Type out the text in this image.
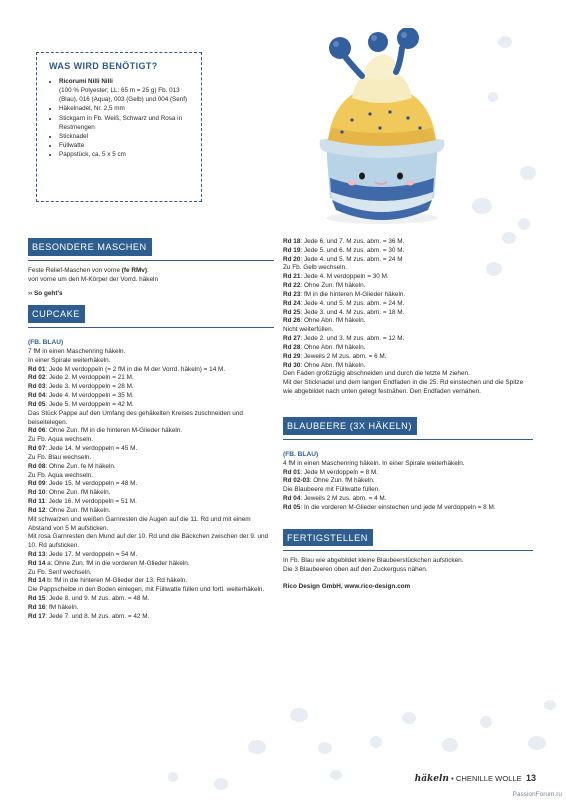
WAS WIRD BENÖTIGT?
• Ricorumi Nilli Nilli
(100 % Polyester; LL: 65 m = 25 g) Fb. 013 (Blau), 016 (Aqua), 003 (Gelb) und 004 (Senf)
• Häkelnadel, Nr. 2,5 mm
• Stickgarn in Fb. Weiß, Schwarz und Rosa in Restmengen
• Sticknadel
• Füllwatte
• Pappstück, ca. 5 x 5 cm
BESONDERE MASCHEN

Feste Relief-Maschen von vorne (fe RMv):

von vorne um den M-Körper der Vorrd. häkeln

›› So geht's

CUPCAKE
(FB. BLAU)

7 fM in einen Maschenring häkeln.

In einer Spirale weiterhäkeln.

Rd 01: Jede M verdoppeln (= 2 fM in die M der Vorrd. häkeln) = 14 M.

Rd 02: Jede 2. M verdoppeln = 21 M.

Rd 03: Jede 3. M verdoppeln = 28 M.

Rd 04: Jede 4. M verdoppeln = 35 M.

Rd 05: Jede 5. M verdoppeln = 42 M.

Das Stück Pappe auf den Umfang des gehäkelten Kreises zuschneiden und beiseitelegen.

Rd 06: Ohne Zun. fM in die hinteren M-Glieder häkeln.

Zu Fb. Aqua wechseln.

Rd 07: Jede 14. M verdoppeln = 45 M.

Zu Fb. Blau wechseln.

Rd 08: Ohne Zun. fe M häkeln.

Zu Fb. Aqua wechseln.

Rd 09: Jede 15. M verdoppeln = 48 M.

Rd 10: Ohne Zun. fM häkeln.

Rd 11: Jede 16. M verdoppeln = 51 M.

Rd 12: Ohne Zun. fM häkeln.

Mit schwarzen und weißen Garnresten die Augen auf die 11. Rd und mit einem Abstand von 5 M aufsticken.

Mit rosa Garnresten den Mund auf der 10. Rd und die Bäckchen zwischen der 9. und 10. Rd aufsticken.

Rd 13: Jede 17. M verdoppeln = 54 M.

Rd 14 a: Ohne Zun. fM in die vorderen M-Glieder häkeln.

Zu Fb. Senf wechseln.

Rd 14 b: fM in die hinteren M-Glieder der 13. Rd häkeln.

Die Pappscheibe in den Boden einlegen, mit Füllwatte füllen und fortl. weiterhäkeln.

Rd 15: Jede 8. und 9. M zus. abm. = 48 M.

Rd 16: fM häkeln.

Rd 17: Jede 7. und 8. M zus. abm. = 42 M.

Rd 18: Jede 6. und 7. M zus. abm. = 36 M.

Rd 19: Jede 5. und 6. M zus. abm. = 30 M.

Rd 20: Jede 4. und 5. M zus. abm. = 24 M

Zu Fb. Gelb wechseln.

Rd 21: Jede 4. M verdoppeln = 30 M.

Rd 22: Ohne Zun. fM häkeln.

Rd 23: fM in die hinteren M-Glieder häkeln.

Rd 24: Jede 4. und 5. M zus. abm. = 24 M.

Rd 25: Jede 3. und 4. M zus. abm. = 18 M.

Rd 26: Ohne Abn. fM häkeln.

Nicht weiterfüllen.

Rd 27: Jede 2. und 3. M zus. abm. = 12 M.

Rd 28: Ohne Abn. fM häkeln.

Rd 29: Jeweils 2 M zus. abm. = 6 M.

Rd 30: Ohne Abn. fM häkeln.

Den Faden großzügig abschneiden und durch die letzte M ziehen.

Mit der Sticknadel und dem langen Endfaden in die 25. Rd einstechen und die Spitze wie abgebildet nach unten gelegt festnähen. Den Endfaden vernähen.

BLAUBEERE (3X HÄKELN)
(FB. BLAU)

4 fM in einen Maschenring häkeln. In einer Spirale weiterhäkeln.

Rd 01: Jede M verdoppeln = 8 M.

Rd 02-03: Ohne Zun. fM häkeln.

Die Blaubeere mit Füllwatte füllen.

Rd 04: Jeweils 2 M zus. abm. = 4 M.

Rd 05: In die vorderen M-Glieder einstechen und jede M verdoppeln = 8 M.

FERTIGSTELLEN

In Fb. Blau wie abgebildet kleine Blaubeerstückchen aufsticken.

Die 3 Blaubeeren oben auf den Zuckerguss nähen.

Rico Design GmbH, www.rico-design.com

häkeln • CHENILLE WOLLE 13
PassionForum.ru
